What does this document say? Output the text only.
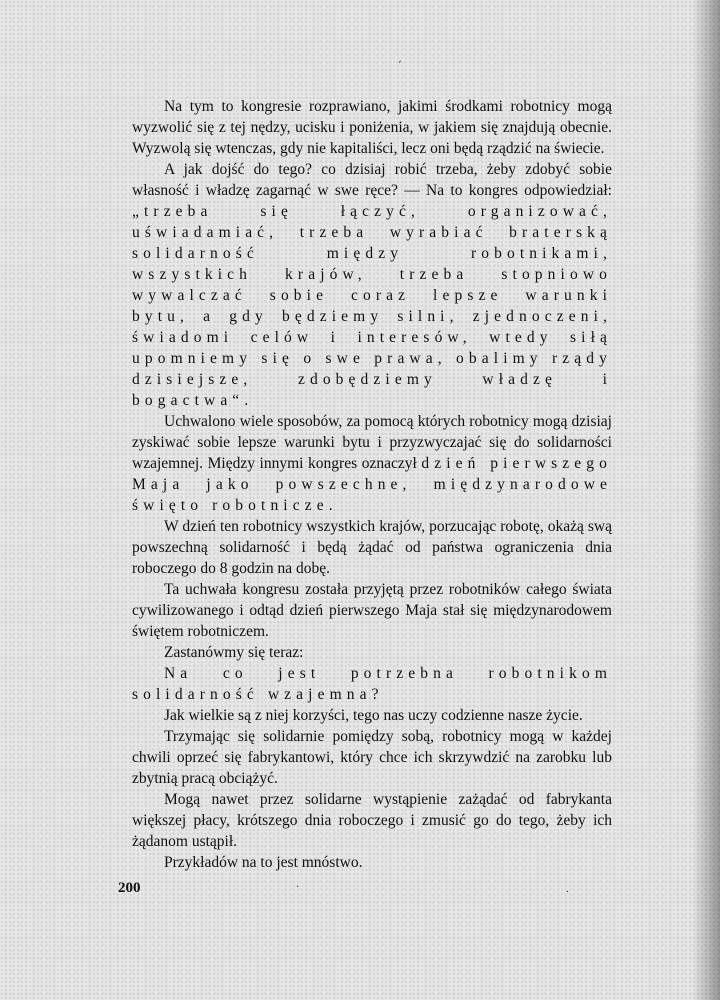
Na tym to kongresie rozprawiano, jakimi środkami robotnicy mogą wyzwolić się z tej nędzy, ucisku i poniżenia, w jakiem się znajdują obecnie. Wyzwolą się wtenczas, gdy nie kapitaliści, lecz oni będą rządzić na świecie.

A jak dojść do tego? co dzisiaj robić trzeba, żeby zdobyć sobie własność i władzę zagarnąć w swe ręce? — Na to kongres odpowiedział: „trzeba się łączyć, organizować, uświadamiać, trzeba wyrabiać braterską solidarność między robotnikami, wszystkich krajów, trzeba stopniowo wywalczać sobie coraz lepsze warunki bytu, a gdy będziemy silni, zjednoczeni, świadomi celów i interesów, wtedy siłą upomniemy się o swe prawa, obalimy rządy dzisiejsze, zdobędziemy władzę i bogactwa“.

Uchwalono wiele sposobów, za pomocą których robotnicy mogą dzisiaj zyskiwać sobie lepsze warunki bytu i przyzwyczajać się do solidarności wzajemnej. Między innymi kongres oznaczył dzień pierwszego Maja jako powszechne, międzynarodowe święto robotnicze.

W dzień ten robotnicy wszystkich krajów, porzucając robotę, okażą swą powszechną solidarność i będą żądać od państwa ograniczenia dnia roboczego do 8 godzin na dobę.

Ta uchwała kongresu została przyjętą przez robotników całego świata cywilizowanego i odtąd dzień pierwszego Maja stał się międzynarodowem świętem robotniczem.

Zastanówmy się teraz:

Na co jest potrzebna robotnikom solidarność wzajemna?

Jak wielkie są z niej korzyści, tego nas uczy codzienne nasze życie.

Trzymając się solidarnie pomiędzy sobą, robotnicy mogą w każdej chwili oprzeć się fabrykantowi, który chce ich skrzywdzić na zarobku lub zbytnią pracą obciążyć.

Mogą nawet przez solidarne wystąpienie zażądać od fabrykanta większej płacy, krótszego dnia roboczego i zmusić go do tego, żeby ich żądanom ustąpił.

Przykładów na to jest mnóstwo.

200
ʼ
·	⸱
